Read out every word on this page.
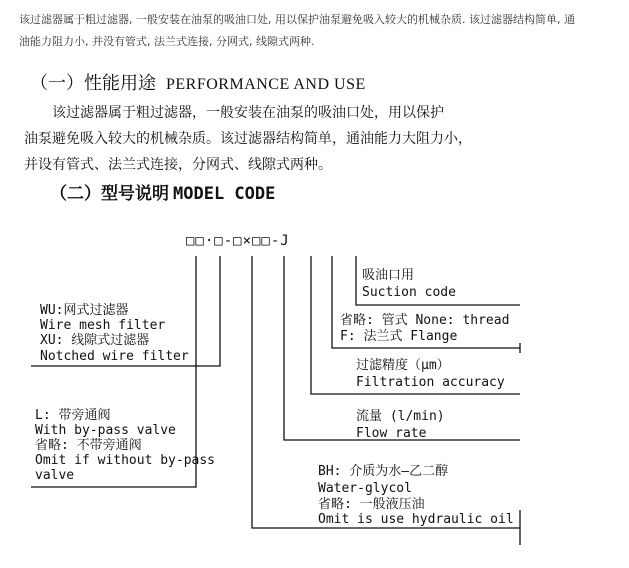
该过滤器属于粗过滤器, 一般安装在油泵的吸油口处, 用以保护油泵避免吸入较大的机械杂质. 该过滤器结构简单, 通
油能力阻力小, 并没有管式, 法兰式连接, 分网式, 线隙式两种.
（一）性能用途 PERFORMANCE AND USE

　　该过滤器属于粗过滤器，一般安装在油泵的吸油口处，用以保护

油泵避免吸入较大的机械杂质。该过滤器结构简单，通油能力大阻力小，

并设有管式、法兰式连接，分网式、线隙式两种。

（二）型号说明 MODEL CODE
□□·□-□×□□-J
吸油口用
Suction code
省略: 管式 None: thread
F: 法兰式 Flange
过滤精度（μm）
Filtration accuracy
流量 (l/min)
Flow rate
BH: 介质为水—乙二醇
Water-glycol
省略: 一般液压油
Omit is use hydraulic oil
WU:网式过滤器
Wire mesh filter
XU: 线隙式过滤器
Notched wire filter
L: 带旁通阀
With by-pass valve
省略: 不带旁通阀
Omit if without by-pass
valve
